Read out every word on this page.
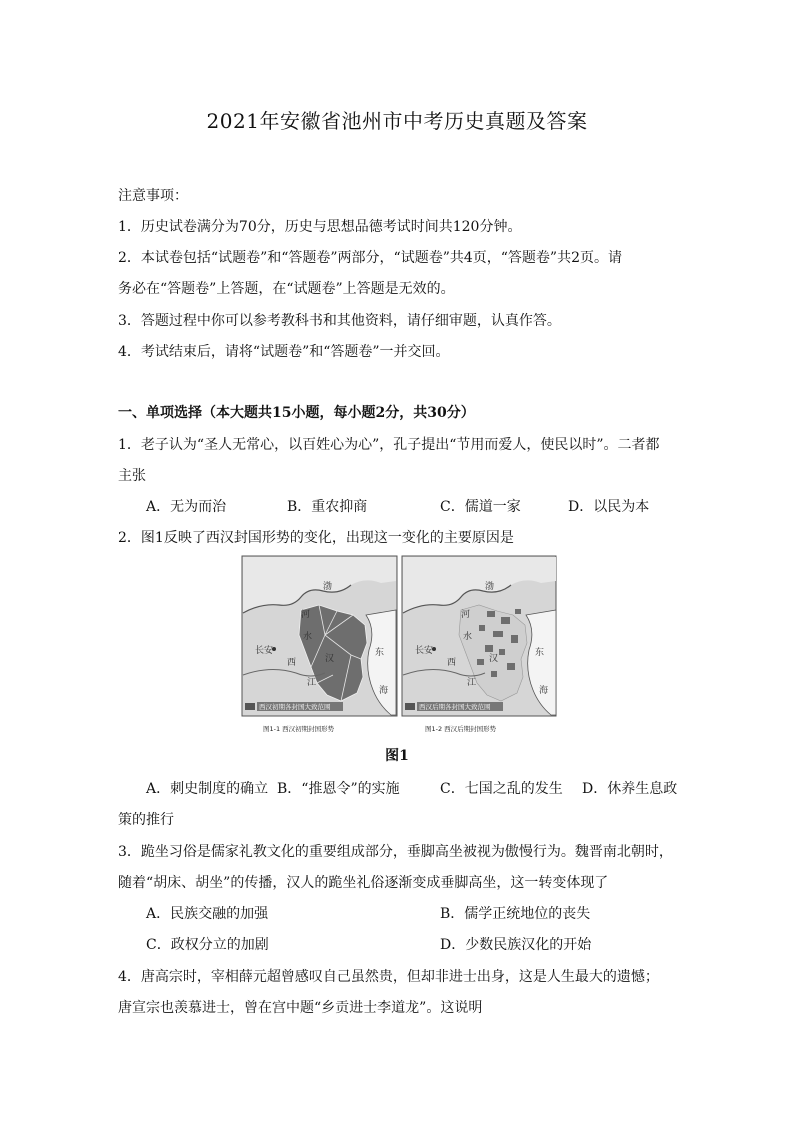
2021年安徽省池州市中考历史真题及答案
注意事项：
1．历史试卷满分为70分，历史与思想品德考试时间共120分钟。
2．本试卷包括“试题卷”和“答题卷”两部分，“试题卷”共4页，“答题卷”共2页。请
务必在“答题卷”上答题，在“试题卷”上答题是无效的。
3．答题过程中你可以参考教科书和其他资料，请仔细审题，认真作答。
4．考试结束后，请将“试题卷”和“答题卷”一并交回。
一、单项选择（本大题共15小题，每小题2分，共30分）
1．老子认为“圣人无常心，以百姓心为心”，孔子提出“节用而爱人，使民以时”。二者都
主张
A．无为而治	B．重农抑商	C．儒道一家	D．以民为本
2．图1反映了西汉封国形势的变化，出现这一变化的主要原因是
渤
河
水
长安
西	汉
江
东
海
西汉初期各封国大致范围
图1-1 西汉初期封国形势
渤
河
水
长安
西	汉
江
东
海
西汉后期各封国大致范围
图1-2 西汉后期封国形势
图1
A．刺史制度的确立 B．“推恩令”的实施	C．七国之乱的发生 D．休养生息政
策的推行
3．跪坐习俗是儒家礼教文化的重要组成部分，垂脚高坐被视为傲慢行为。魏晋南北朝时，
随着“胡床、胡坐”的传播，汉人的跪坐礼俗逐渐变成垂脚高坐，这一转变体现了
A．民族交融的加强	B．儒学正统地位的丧失
C．政权分立的加剧	D．少数民族汉化的开始
4．唐高宗时，宰相薛元超曾感叹自己虽然贵，但却非进士出身，这是人生最大的遗憾；
唐宣宗也羡慕进士，曾在宫中题“乡贡进士李道龙”。这说明
